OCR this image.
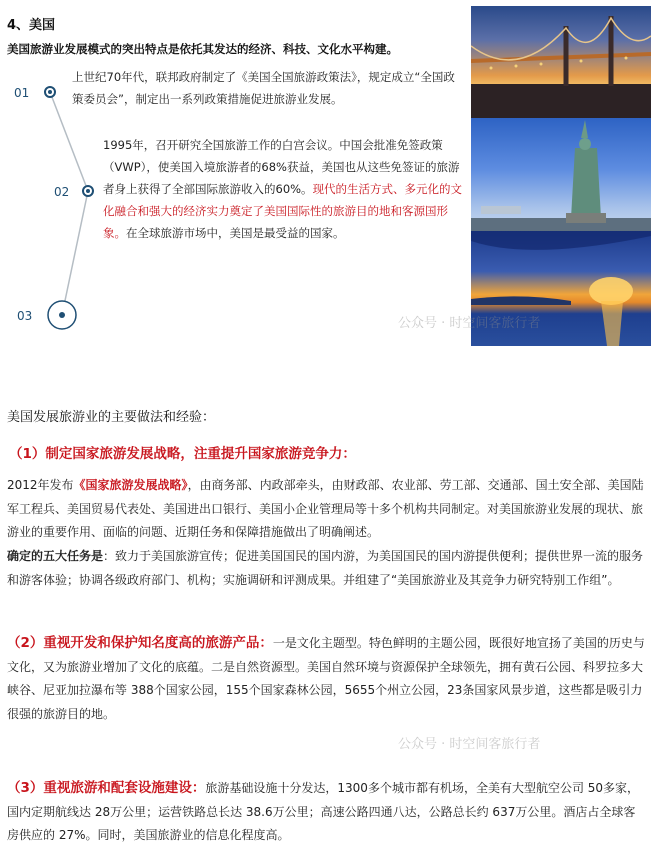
4、美国
美国旅游业发展模式的突出特点是依托其发达的经济、科技、文化水平构建。
01
02
03
上世纪70年代，联邦政府制定了《美国全国旅游政策法》，规定成立“全国政策委员会”，制定出一系列政策措施促进旅游业发展。
1995年，召开研究全国旅游工作的白宫会议。中国会批准免签政策（VWP），使美国入境旅游者的68%获益，美国也从这些免签证的旅游者身上获得了全部国际旅游收入的60%。现代的生活方式、多元化的文化融合和强大的经济实力奠定了美国国际性的旅游目的地和客源国形象。在全球旅游市场中，美国是最受益的国家。
公众号 · 时空间客旅行者
美国发展旅游业的主要做法和经验：
（1）制定国家旅游发展战略，注重提升国家旅游竞争力：
2012年发布《国家旅游发展战略》，由商务部、内政部牵头，由财政部、农业部、劳工部、交通部、国土安全部、美国陆军工程兵、美国贸易代表处、美国进出口银行、美国小企业管理局等十多个机构共同制定。对美国旅游业发展的现状、旅游业的重要作用、面临的问题、近期任务和保障措施做出了明确阐述。
确定的五大任务是：致力于美国旅游宣传；促进美国国民的国内游，为美国国民的国内游提供便利；提供世界一流的服务和游客体验；协调各级政府部门、机构；实施调研和评测成果。并组建了“美国旅游业及其竞争力研究特别工作组”。
（2）重视开发和保护知名度高的旅游产品：一是文化主题型。特色鲜明的主题公园，既很好地宣扬了美国的历史与文化，又为旅游业增加了文化的底蕴。二是自然资源型。美国自然环境与资源保护全球领先，拥有黄石公园、科罗拉多大峡谷、尼亚加拉瀑布等 388个国家公园，155个国家森林公园，5655个州立公园，23条国家风景步道，这些都是吸引力很强的旅游目的地。
公众号 · 时空间客旅行者
（3）重视旅游和配套设施建设：旅游基础设施十分发达，1300多个城市都有机场，全美有大型航空公司 50多家，国内定期航线达 28万公里；运营铁路总长达 38.6万公里；高速公路四通八达，公路总长约 637万公里。酒店占全球客房供应的 27%。同时，美国旅游业的信息化程度高。
